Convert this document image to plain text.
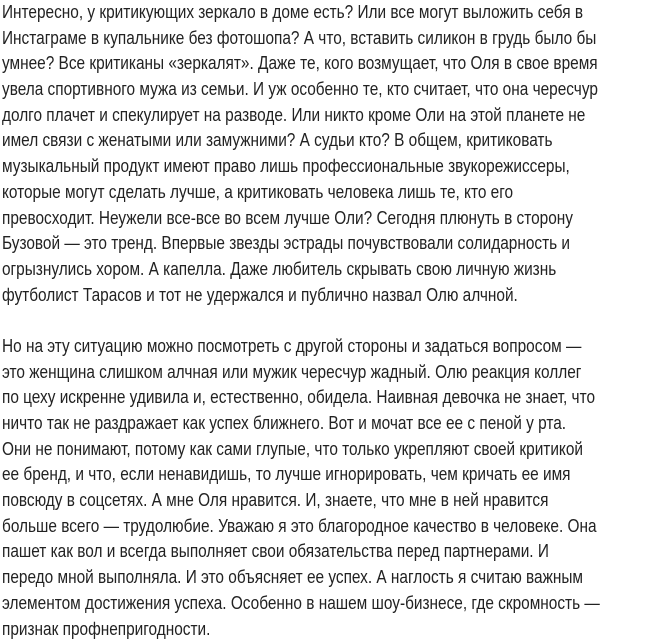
Интересно, у критикующих зеркало в доме есть? Или все могут выложить себя в
Инстаграме в купальнике без фотошопа? А что, вставить силикон в грудь было бы
умнее? Все критиканы «зеркалят». Даже те, кого возмущает, что Оля в свое время
увела спортивного мужа из семьи. И уж особенно те, кто считает, что она чересчур
долго плачет и спекулирует на разводе. Или никто кроме Оли на этой планете не
имел связи с женатыми или замужними? А судьи кто? В общем, критиковать
музыкальный продукт имеют право лишь профессиональные звукорежиссеры,
которые могут сделать лучше, а критиковать человека лишь те, кто его
превосходит. Неужели все-все во всем лучше Оли? Сегодня плюнуть в сторону
Бузовой — это тренд. Впервые звезды эстрады почувствовали солидарность и
огрызнулись хором. А капелла. Даже любитель скрывать свою личную жизнь
футболист Тарасов и тот не удержался и публично назвал Олю алчной.

Но на эту ситуацию можно посмотреть с другой стороны и задаться вопросом —
это женщина слишком алчная или мужик чересчур жадный. Олю реакция коллег
по цеху искренне удивила и, естественно, обидела. Наивная девочка не знает, что
ничто так не раздражает как успех ближнего. Вот и мочат все ее с пеной у рта.
Они не понимают, потому как сами глупые, что только укрепляют своей критикой
ее бренд, и что, если ненавидишь, то лучше игнорировать, чем кричать ее имя
повсюду в соцсетях. А мне Оля нравится. И, знаете, что мне в ней нравится
больше всего — трудолюбие. Уважаю я это благородное качество в человеке. Она
пашет как вол и всегда выполняет свои обязательства перед партнерами. И
передо мной выполняла. И это объясняет ее успех. А наглость я считаю важным
элементом достижения успеха. Особенно в нашем шоу-бизнесе, где скромность —
признак профнепригодности.
